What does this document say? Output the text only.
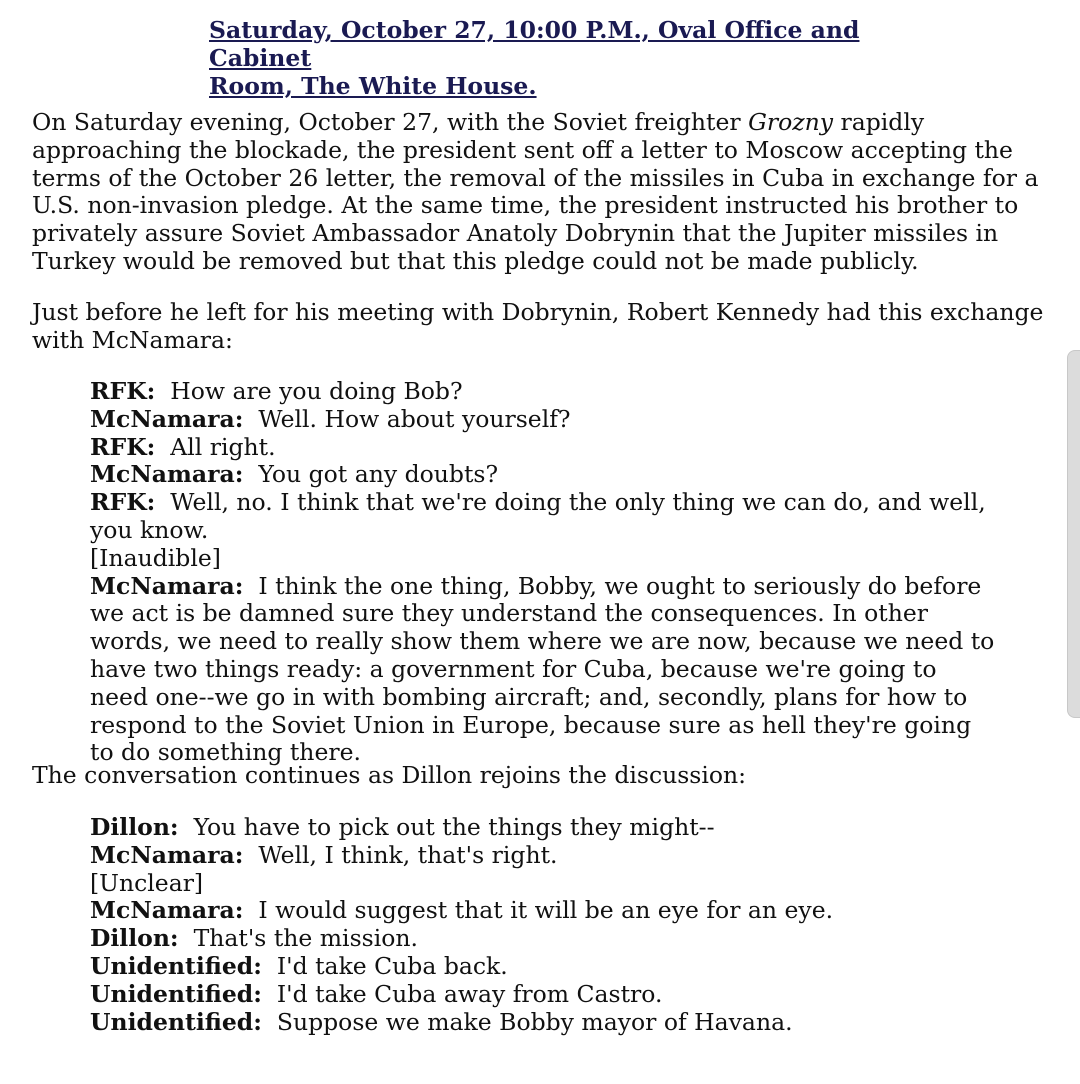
Saturday, October 27, 10:00 P.M., Oval Office and Cabinet
Room, The White House.

On Saturday evening, October 27, with the Soviet freighter Grozny rapidly approaching the blockade, the president sent off a letter to Moscow accepting the terms of the October 26 letter, the removal of the missiles in Cuba in exchange for a U.S. non-invasion pledge. At the same time, the president instructed his brother to privately assure Soviet Ambassador Anatoly Dobrynin that the Jupiter missiles in Turkey would be removed but that this pledge could not be made publicly.

Just before he left for his meeting with Dobrynin, Robert Kennedy had this exchange with McNamara:

RFK: How are you doing Bob?
McNamara: Well. How about yourself?
RFK: All right.
McNamara: You got any doubts?
RFK: Well, no. I think that we're doing the only thing we can do, and well, you know.
[Inaudible]
McNamara: I think the one thing, Bobby, we ought to seriously do before we act is be damned sure they understand the consequences. In other words, we need to really show them where we are now, because we need to have two things ready: a government for Cuba, because we're going to need one--we go in with bombing aircraft; and, secondly, plans for how to respond to the Soviet Union in Europe, because sure as hell they're going to do something there.

The conversation continues as Dillon rejoins the discussion:

Dillon: You have to pick out the things they might--
McNamara: Well, I think, that's right.
[Unclear]
McNamara: I would suggest that it will be an eye for an eye.
Dillon: That's the mission.
Unidentified: I'd take Cuba back.
Unidentified: I'd take Cuba away from Castro.
Unidentified: Suppose we make Bobby mayor of Havana.
